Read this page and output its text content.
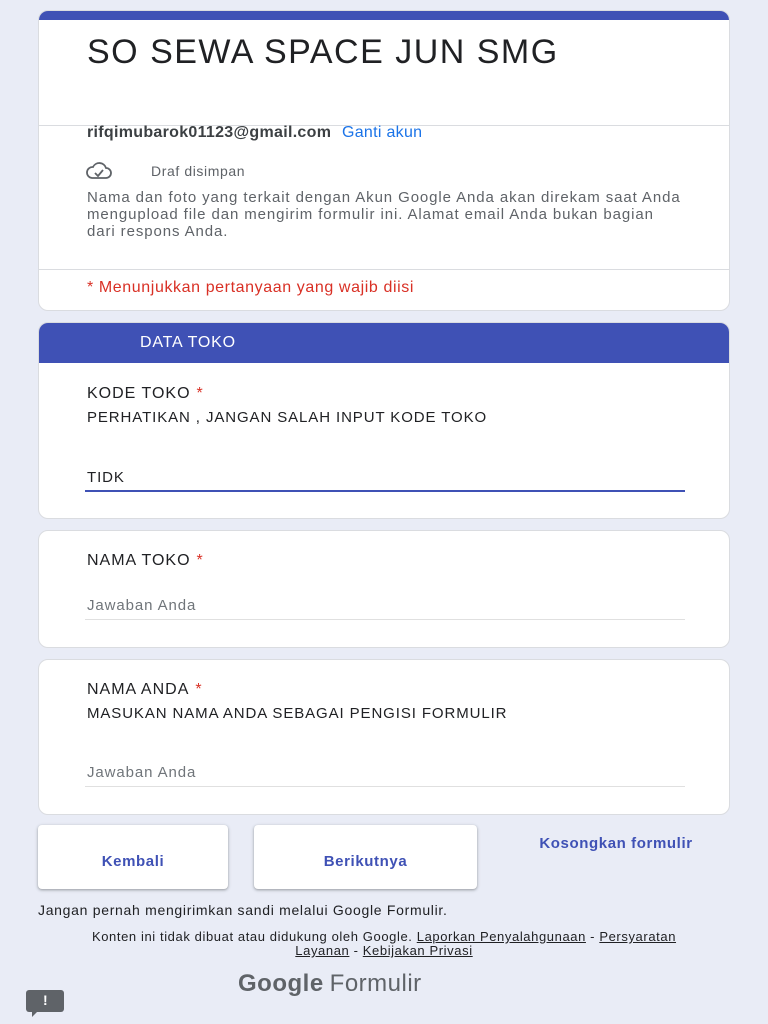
SO SEWA SPACE JUN SMG
rifqimubarok01123@gmail.com Ganti akun
Draf disimpan
Nama dan foto yang terkait dengan Akun Google Anda akan direkam saat Anda mengupload file dan mengirim formulir ini. Alamat email Anda bukan bagian dari respons Anda.
* Menunjukkan pertanyaan yang wajib diisi
DATA TOKO
KODE TOKO *
PERHATIKAN , JANGAN SALAH INPUT KODE TOKO
TIDK
NAMA TOKO *
Jawaban Anda
NAMA ANDA *
MASUKAN NAMA ANDA SEBAGAI PENGISI FORMULIR
Jawaban Anda
Kembali	Berikutnya
Kosongkan formulir
Jangan pernah mengirimkan sandi melalui Google Formulir.
Konten ini tidak dibuat atau didukung oleh Google. Laporkan Penyalahgunaan - Persyaratan Layanan - Kebijakan Privasi
Google Formulir
!
